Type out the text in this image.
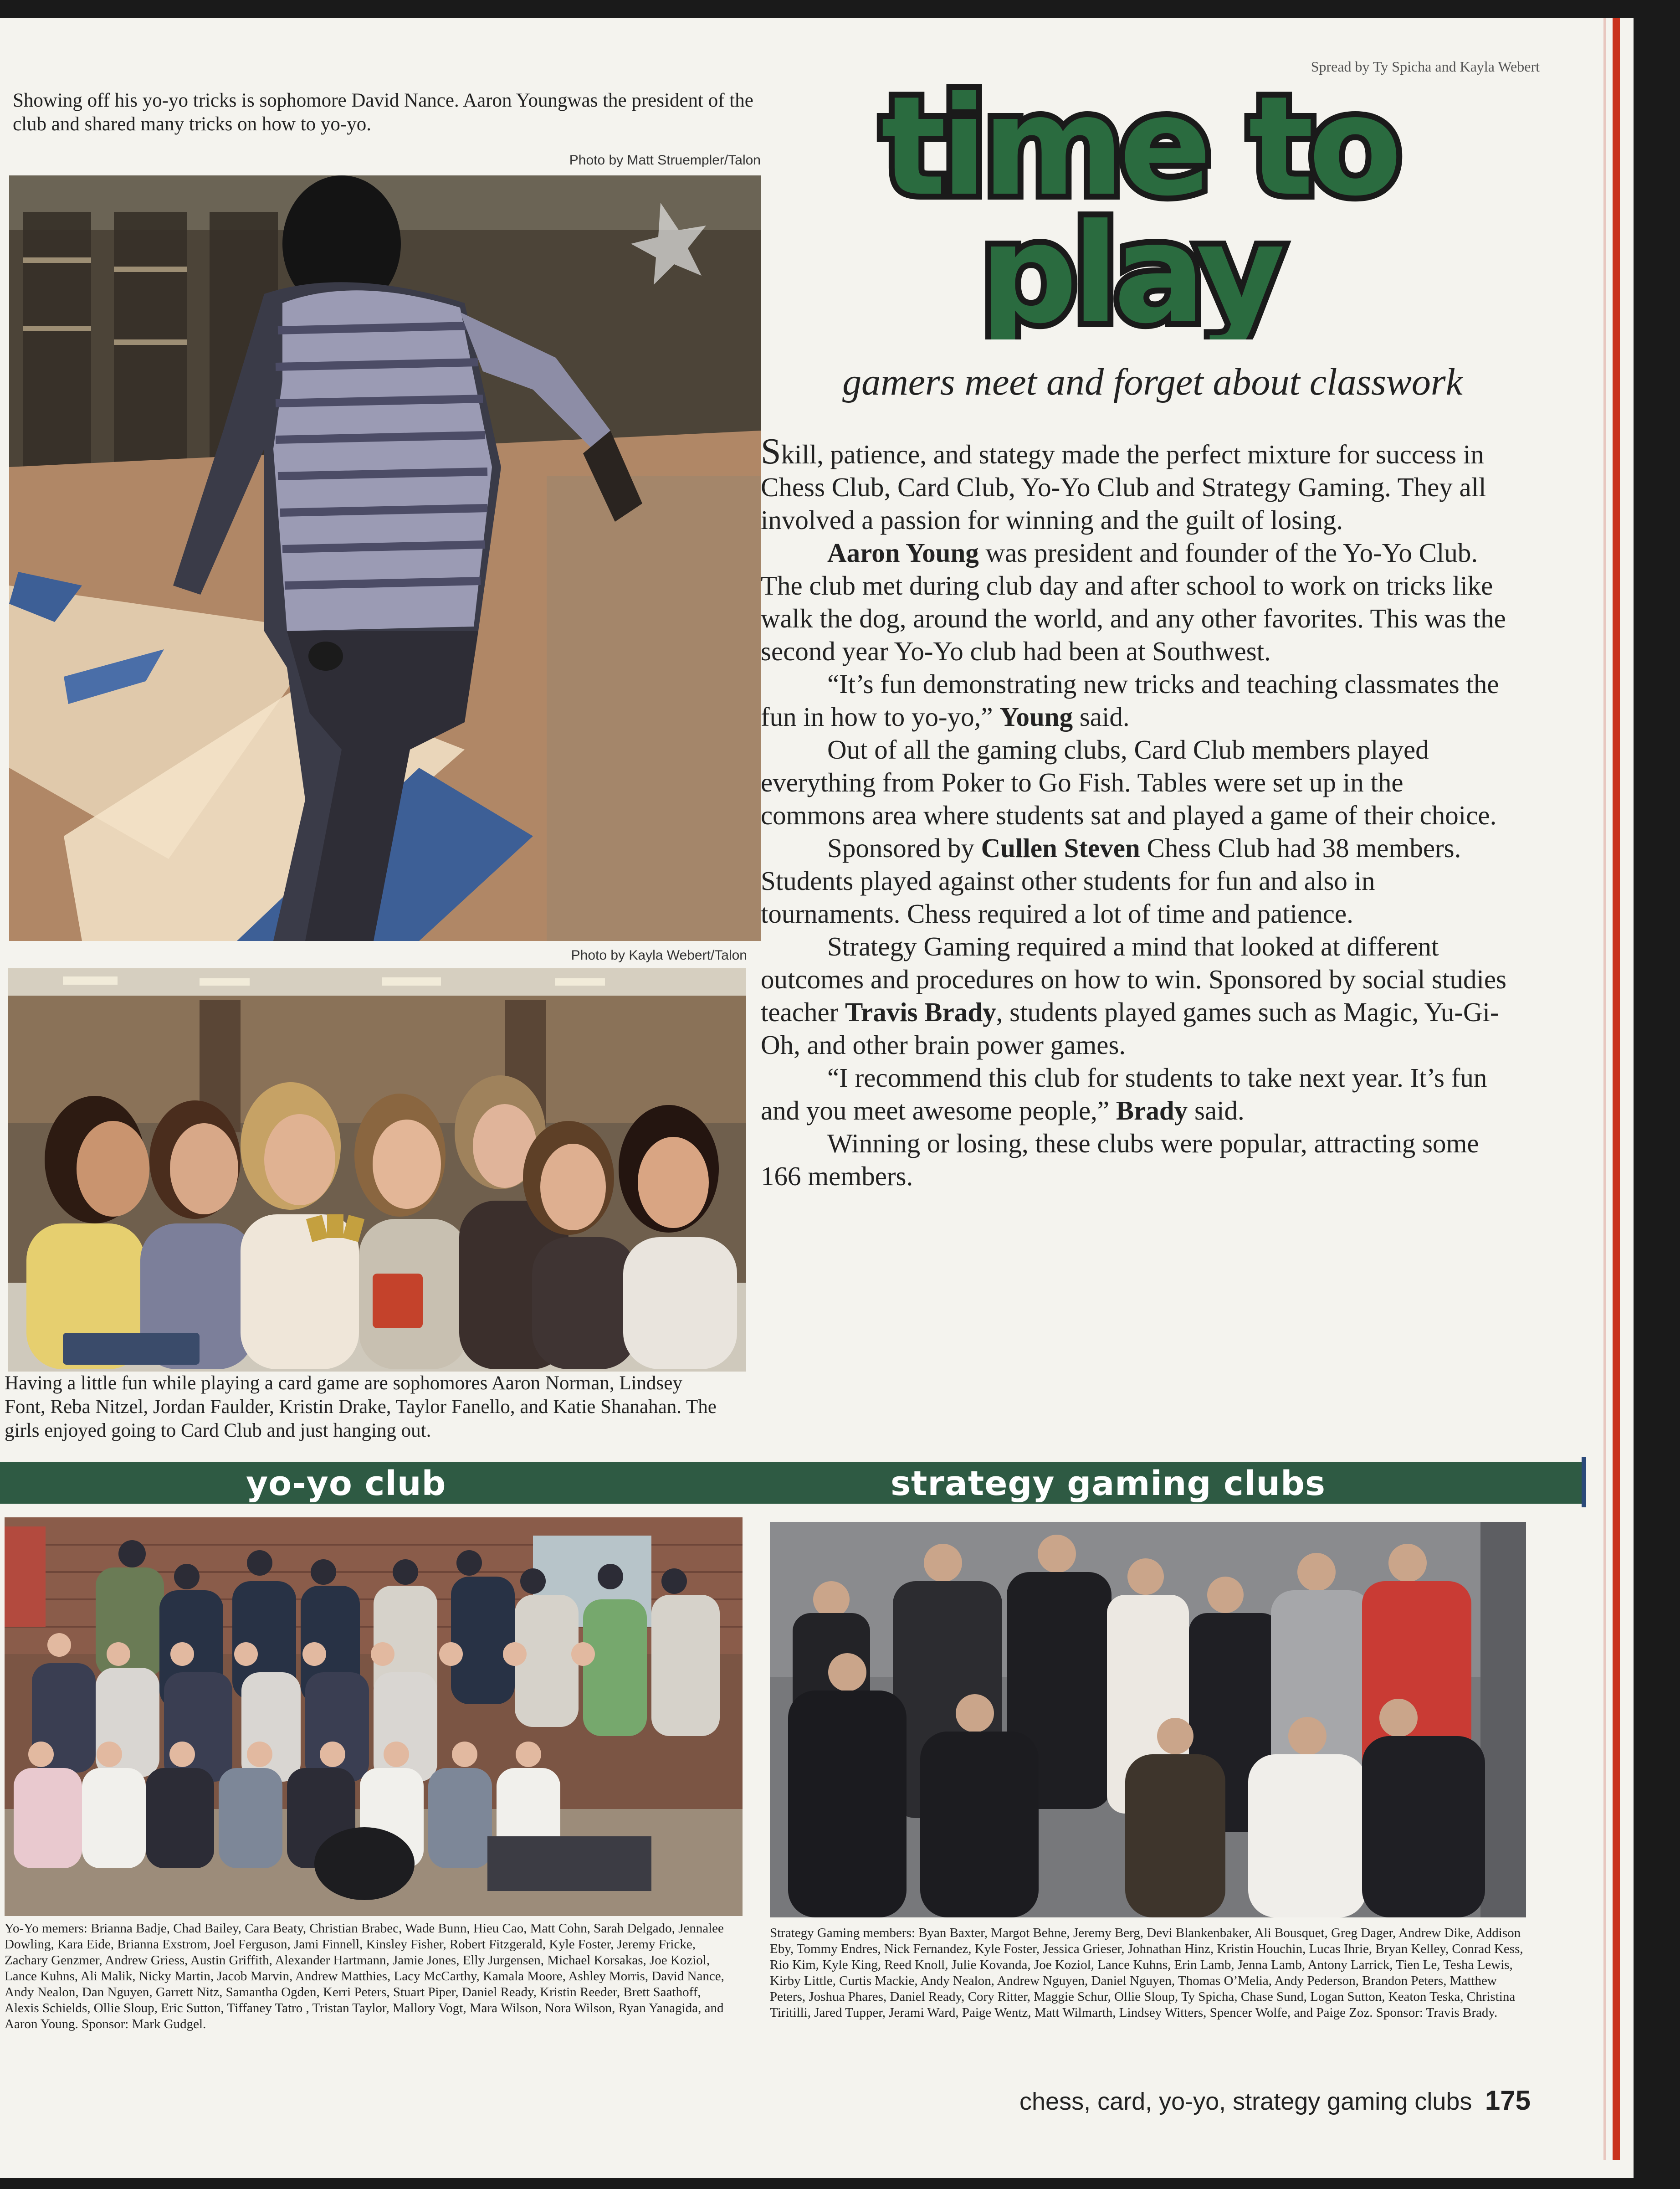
Spread by Ty Spicha and Kayla Webert
time to
play
gamers meet and forget about classwork
Showing off his yo-yo tricks is sophomore David Nance. Aaron Youngwas the president of the club and shared many tricks on how to yo-yo.
Photo by Matt Struempler/Talon
Photo by Kayla Webert/Talon
Having a little fun while playing a card game are sophomores Aaron Norman, Lindsey Font, Reba Nitzel, Jordan Faulder, Kristin Drake, Taylor Fanello, and Katie Shanahan. The girls enjoyed going to Card Club and just hanging out.

Skill, patience, and stategy made the perfect mixture for success in Chess Club, Card Club, Yo-Yo Club and Strategy Gaming. They all involved a passion for winning and the guilt of losing.

Aaron Young was president and founder of the Yo-Yo Club. The club met during club day and after school to work on tricks like walk the dog, around the world, and any other favorites. This was the second year Yo-Yo club had been at Southwest.

“It’s fun demonstrating new tricks and teaching classmates the fun in how to yo-yo,” Young said.

Out of all the gaming clubs, Card Club members played everything from Poker to Go Fish. Tables were set up in the commons area where students sat and played a game of their choice.

Sponsored by Cullen Steven Chess Club had 38 members. Students played against other students for fun and also in tournaments. Chess required a lot of time and patience.

Strategy Gaming required a mind that looked at different outcomes and procedures on how to win. Sponsored by social studies teacher Travis Brady, students played games such as Magic, Yu-Gi-Oh, and other brain power games.

“I recommend this club for students to take next year. It’s fun and you meet awesome people,” Brady said.

Winning or losing, these clubs were popular, attracting some 166 members.

yo-yo club	strategy gaming clubs
Yo-Yo memers: Brianna Badje, Chad Bailey, Cara Beaty, Christian Brabec, Wade Bunn, Hieu Cao, Matt Cohn, Sarah Delgado, Jennalee Dowling, Kara Eide, Brianna Exstrom, Joel Ferguson, Jami Finnell, Kinsley Fisher, Robert Fitzgerald, Kyle Foster, Jeremy Fricke, Zachary Genzmer, Andrew Griess, Austin Griffith, Alexander Hartmann, Jamie Jones, Elly Jurgensen, Michael Korsakas, Joe Koziol, Lance Kuhns, Ali Malik, Nicky Martin, Jacob Marvin, Andrew Matthies, Lacy McCarthy, Kamala Moore, Ashley Morris, David Nance, Andy Nealon, Dan Nguyen, Garrett Nitz, Samantha Ogden, Kerri Peters, Stuart Piper, Daniel Ready, Kristin Reeder, Brett Saathoff, Alexis Schields, Ollie Sloup, Eric Sutton, Tiffaney Tatro , Tristan Taylor, Mallory Vogt, Mara Wilson, Nora Wilson, Ryan Yanagida, and Aaron Young. Sponsor: Mark Gudgel.
Strategy Gaming members: Byan Baxter, Margot Behne, Jeremy Berg, Devi Blankenbaker, Ali Bousquet, Greg Dager, Andrew Dike, Addison Eby, Tommy Endres, Nick Fernandez, Kyle Foster, Jessica Grieser, Johnathan Hinz, Kristin Houchin, Lucas Ihrie, Bryan Kelley, Conrad Kess, Rio Kim, Kyle King, Reed Knoll, Julie Kovanda, Joe Koziol, Lance Kuhns, Erin Lamb, Jenna Lamb, Antony Larrick, Tien Le, Tesha Lewis, Kirby Little, Curtis Mackie, Andy Nealon, Andrew Nguyen, Daniel Nguyen, Thomas O’Melia, Andy Pederson, Brandon Peters, Matthew Peters, Joshua Phares, Daniel Ready, Cory Ritter, Maggie Schur, Ollie Sloup, Ty Spicha, Chase Sund, Logan Sutton, Keaton Teska, Christina Tiritilli, Jared Tupper, Jerami Ward, Paige Wentz, Matt Wilmarth, Lindsey Witters, Spencer Wolfe, and Paige Zoz. Sponsor: Travis Brady.
chess, card, yo-yo, strategy gaming clubs 175
